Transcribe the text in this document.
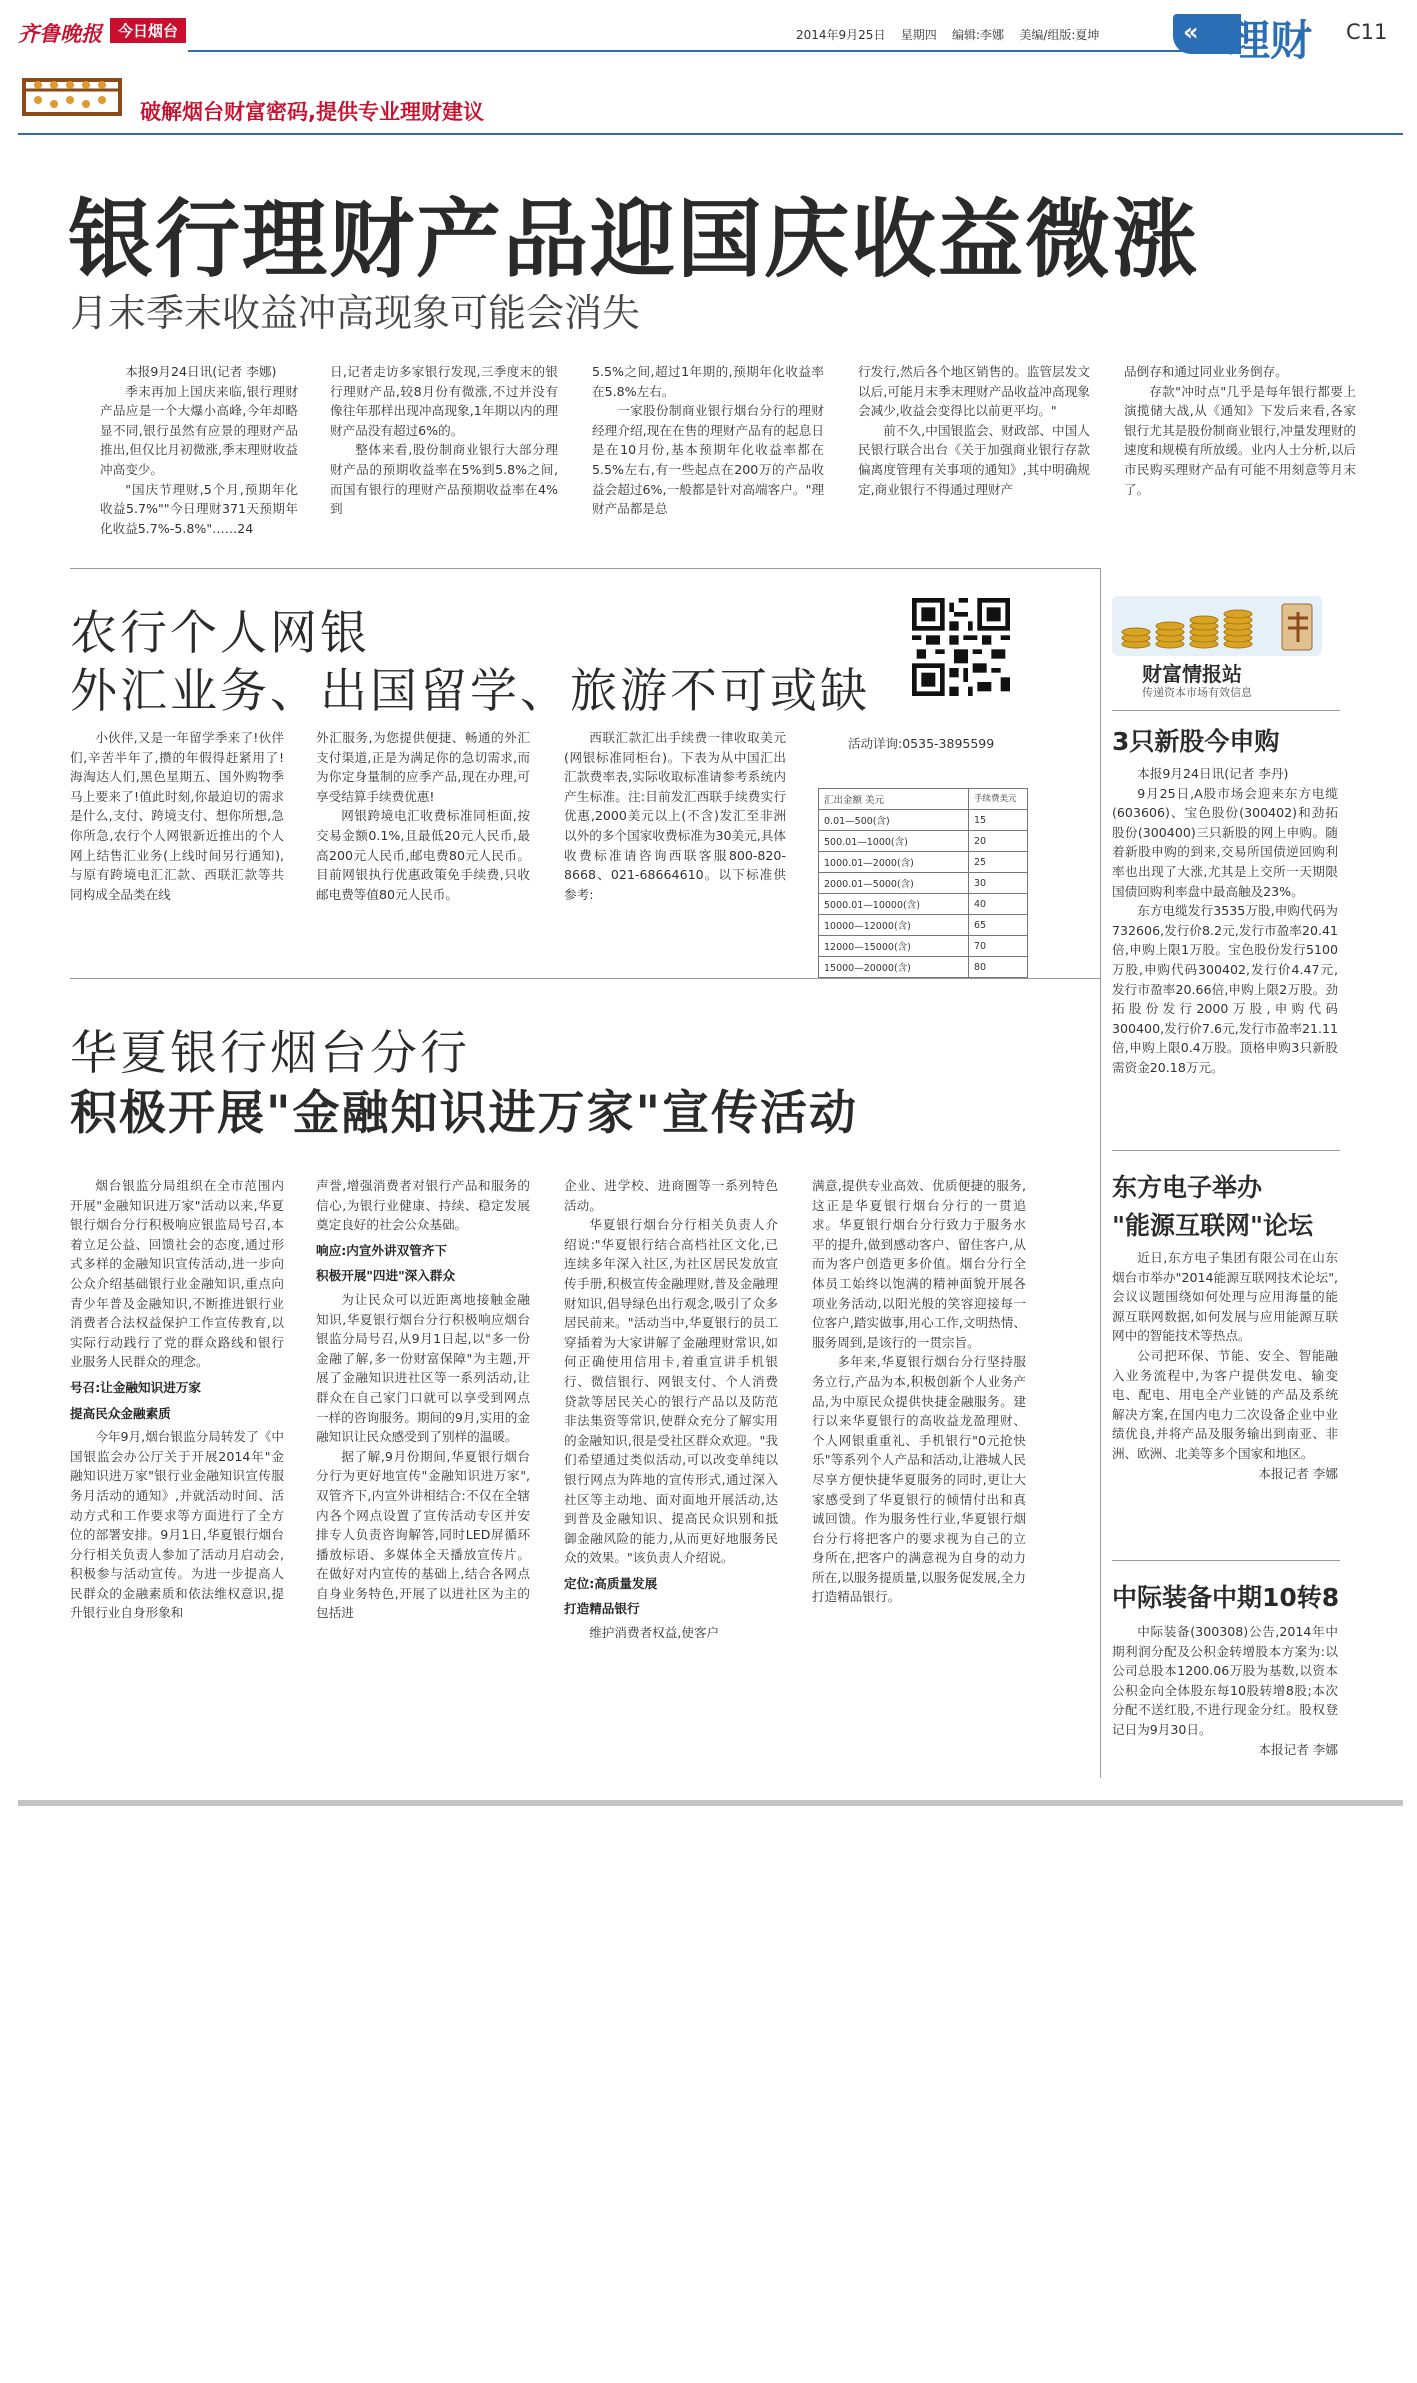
齐鲁晚报	今日烟台	2014年9月25日 星期四 编辑:李娜 美编/组版:夏坤	« 理财 C11
破解烟台财富密码,提供专业理财建议
银行理财产品迎国庆收益微涨
月末季末收益冲高现象可能会消失

本报9月24日讯(记者 李娜)

季末再加上国庆来临,银行理财产品应是一个大爆小高峰,今年却略显不同,银行虽然有应景的理财产品推出,但仅比月初微涨,季末理财收益冲高变少。

"国庆节理财,5个月,预期年化收益5.7%""今日理财371天预期年化收益5.7%-5.8%"……24

日,记者走访多家银行发现,三季度末的银行理财产品,较8月份有微涨,不过并没有像往年那样出现冲高现象,1年期以内的理财产品没有超过6%的。

整体来看,股份制商业银行大部分理财产品的预期收益率在5%到5.8%之间,而国有银行的理财产品预期收益率在4%到

5.5%之间,超过1年期的,预期年化收益率在5.8%左右。

一家股份制商业银行烟台分行的理财经理介绍,现在在售的理财产品有的起息日是在10月份,基本预期年化收益率都在5.5%左右,有一些起点在200万的产品收益会超过6%,一般都是针对高端客户。"理财产品都是总

行发行,然后各个地区销售的。监管层发文以后,可能月末季末理财产品收益冲高现象会减少,收益会变得比以前更平均。"

前不久,中国银监会、财政部、中国人民银行联合出台《关于加强商业银行存款偏离度管理有关事项的通知》,其中明确规定,商业银行不得通过理财产

品倒存和通过同业业务倒存。

存款"冲时点"几乎是每年银行都要上演揽储大战,从《通知》下发后来看,各家银行尤其是股份制商业银行,冲量发理财的速度和规模有所放缓。业内人士分析,以后市民购买理财产品有可能不用刻意等月末了。

农行个人网银
外汇业务、出国留学、旅游不可或缺

小伙伴,又是一年留学季来了!伙伴们,辛苦半年了,攒的年假得赶紧用了!海淘达人们,黑色星期五、国外购物季马上要来了!值此时刻,你最迫切的需求是什么,支付、跨境支付、想你所想,急你所急,农行个人网银新近推出的个人网上结售汇业务(上线时间另行通知),与原有跨境电汇汇款、西联汇款等共同构成全品类在线

外汇服务,为您提供便捷、畅通的外汇支付渠道,正是为满足你的急切需求,而为你定身量制的应季产品,现在办理,可享受结算手续费优惠!

网银跨境电汇收费标准同柜面,按交易金额0.1%,且最低20元人民币,最高200元人民币,邮电费80元人民币。目前网银执行优惠政策免手续费,只收邮电费等值80元人民币。

西联汇款汇出手续费一律收取美元(网银标准同柜台)。下表为从中国汇出汇款费率表,实际收取标准请参考系统内产生标准。注:目前发汇西联手续费实行优惠,2000美元以上(不含)发汇至非洲以外的多个国家收费标准为30美元,具体收费标准请咨询西联客服800-820-8668、021-68664610。以下标准供参考:

活动详询:0535-3895599
汇出金额 美元	手续费美元
0.01—500(含)	15
500.01—1000(含)	20
1000.01—2000(含)	25
2000.01—5000(含)	30
5000.01—10000(含)	40
10000—12000(含)	65
12000—15000(含)	70
15000—20000(含)	80
华夏银行烟台分行
积极开展"金融知识进万家"宣传活动

烟台银监分局组织在全市范围内开展"金融知识进万家"活动以来,华夏银行烟台分行积极响应银监局号召,本着立足公益、回馈社会的态度,通过形式多样的金融知识宣传活动,进一步向公众介绍基础银行业金融知识,重点向青少年普及金融知识,不断推进银行业消费者合法权益保护工作宣传教育,以实际行动践行了党的群众路线和银行业服务人民群众的理念。

号召:让金融知识进万家

提高民众金融素质

今年9月,烟台银监分局转发了《中国银监会办公厅关于开展2014年"金融知识进万家"银行业金融知识宣传服务月活动的通知》,并就活动时间、活动方式和工作要求等方面进行了全方位的部署安排。9月1日,华夏银行烟台分行相关负责人参加了活动月启动会,积极参与活动宣传。为进一步提高人民群众的金融素质和依法维权意识,提升银行业自身形象和

声誉,增强消费者对银行产品和服务的信心,为银行业健康、持续、稳定发展奠定良好的社会公众基础。

响应:内宣外讲双管齐下

积极开展"四进"深入群众

为让民众可以近距离地接触金融知识,华夏银行烟台分行积极响应烟台银监分局号召,从9月1日起,以"多一份金融了解,多一份财富保障"为主题,开展了金融知识进社区等一系列活动,让群众在自己家门口就可以享受到网点一样的咨询服务。期间的9月,实用的金融知识让民众感受到了别样的温暖。

据了解,9月份期间,华夏银行烟台分行为更好地宣传"金融知识进万家",双管齐下,内宣外讲相结合:不仅在全辖内各个网点设置了宣传活动专区并安排专人负责咨询解答,同时LED屏循环播放标语、多媒体全天播放宣传片。在做好对内宣传的基础上,结合各网点自身业务特色,开展了以进社区为主的包括进

企业、进学校、进商圈等一系列特色活动。

华夏银行烟台分行相关负责人介绍说:"华夏银行结合高档社区文化,已连续多年深入社区,为社区居民发放宣传手册,积极宣传金融理财,普及金融理财知识,倡导绿色出行观念,吸引了众多居民前来。"活动当中,华夏银行的员工穿插着为大家讲解了金融理财常识,如何正确使用信用卡,着重宣讲手机银行、微信银行、网银支付、个人消费贷款等居民关心的银行产品以及防范非法集资等常识,使群众充分了解实用的金融知识,很是受社区群众欢迎。"我们希望通过类似活动,可以改变单纯以银行网点为阵地的宣传形式,通过深入社区等主动地、面对面地开展活动,达到普及金融知识、提高民众识别和抵御金融风险的能力,从而更好地服务民众的效果。"该负责人介绍说。

定位:高质量发展

打造精品银行

维护消费者权益,使客户

满意,提供专业高效、优质便捷的服务,这正是华夏银行烟台分行的一贯追求。华夏银行烟台分行致力于服务水平的提升,做到感动客户、留住客户,从而为客户创造更多价值。烟台分行全体员工始终以饱满的精神面貌开展各项业务活动,以阳光般的笑容迎接每一位客户,踏实做事,用心工作,文明热情、服务周到,是该行的一贯宗旨。

多年来,华夏银行烟台分行坚持服务立行,产品为本,积极创新个人业务产品,为中原民众提供快捷金融服务。建行以来华夏银行的高收益龙盈理财、个人网银重重礼、手机银行"0元抢快乐"等系列个人产品和活动,让港城人民尽享方便快捷华夏服务的同时,更让大家感受到了华夏银行的倾情付出和真诚回馈。作为服务性行业,华夏银行烟台分行将把客户的要求视为自己的立身所在,把客户的满意视为自身的动力所在,以服务提质量,以服务促发展,全力打造精品银行。

财富情报站
传递资本市场有效信息
3只新股今申购

本报9月24日讯(记者 李丹)

9月25日,A股市场会迎来东方电缆(603606)、宝色股份(300402)和劲拓股份(300400)三只新股的网上申购。随着新股申购的到来,交易所国债逆回购利率也出现了大涨,尤其是上交所一天期限国债回购利率盘中最高触及23%。

东方电缆发行3535万股,申购代码为732606,发行价8.2元,发行市盈率20.41倍,申购上限1万股。宝色股份发行5100万股,申购代码300402,发行价4.47元,发行市盈率20.66倍,申购上限2万股。劲拓股份发行2000万股,申购代码300400,发行价7.6元,发行市盈率21.11倍,申购上限0.4万股。顶格申购3只新股需资金20.18万元。

东方电子举办
"能源互联网"论坛

近日,东方电子集团有限公司在山东烟台市举办"2014能源互联网技术论坛",会议议题围绕如何处理与应用海量的能源互联网数据,如何发展与应用能源互联网中的智能技术等热点。

公司把环保、节能、安全、智能融入业务流程中,为客户提供发电、输变电、配电、用电全产业链的产品及系统解决方案,在国内电力二次设备企业中业绩优良,并将产品及服务输出到南亚、非洲、欧洲、北美等多个国家和地区。

本报记者 李娜
中际装备中期10转8

中际装备(300308)公告,2014年中期利润分配及公积金转增股本方案为:以公司总股本1200.06万股为基数,以资本公积金向全体股东每10股转增8股;本次分配不送红股,不进行现金分红。股权登记日为9月30日。

本报记者 李娜
